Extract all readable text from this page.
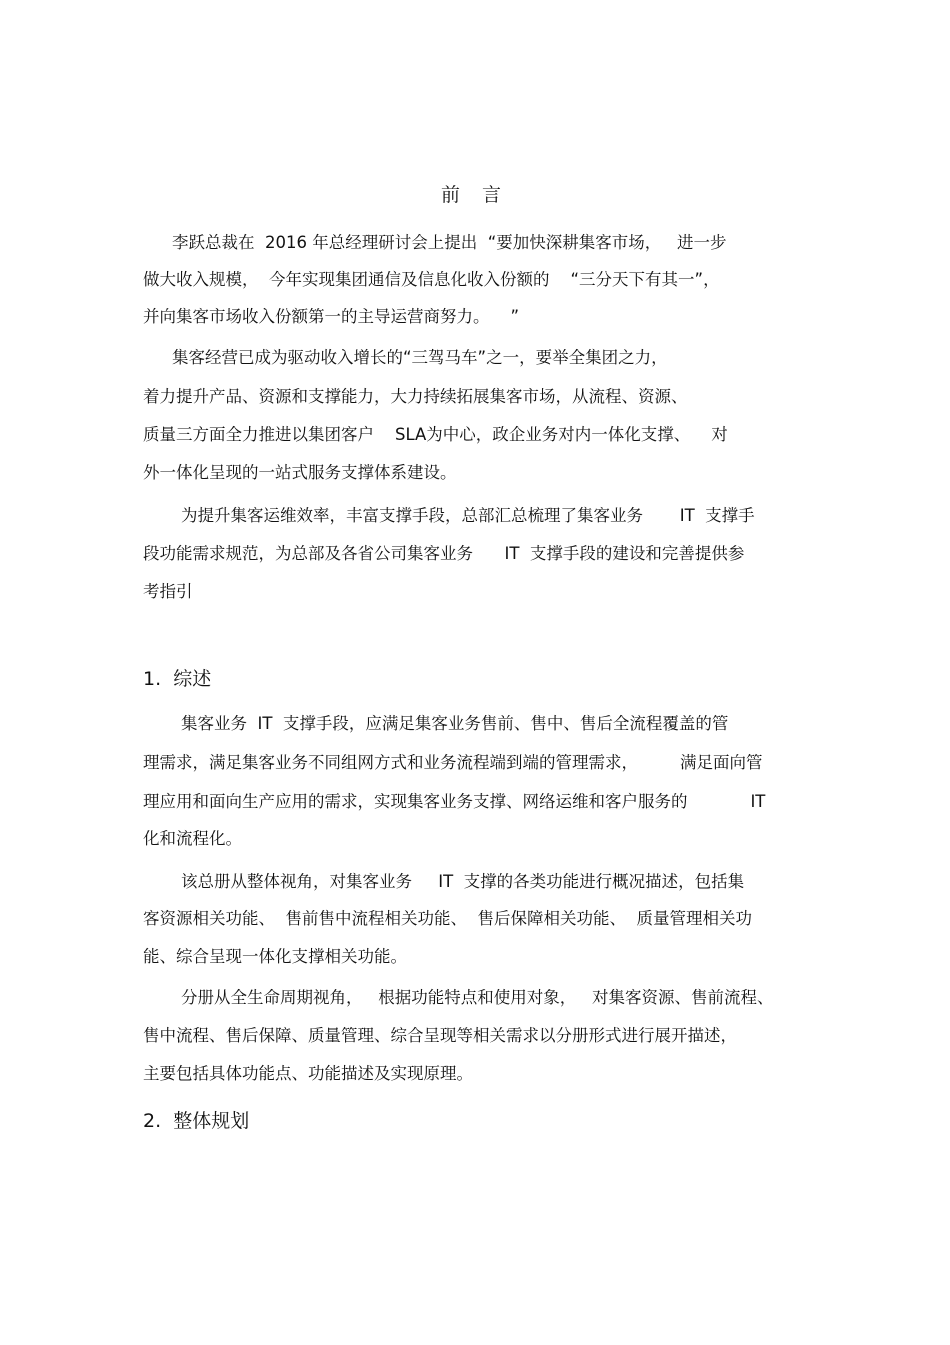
前 言
李跃总裁在  2016 年总经理研讨会上提出  “要加快深耕集客市场，   进一步
做大收入规模，  今年实现集团通信及信息化收入份额的    “三分天下有其一”，
并向集客市场收入份额第一的主导运营商努力。    ”
集客经营已成为驱动收入增长的“三驾马车”之一，要举全集团之力，
着力提升产品、资源和支撑能力，大力持续拓展集客市场，从流程、资源、
质量三方面全力推进以集团客户    SLA为中心，政企业务对内一体化支撑、    对
外一体化呈现的一站式服务支撑体系建设。
为提升集客运维效率，丰富支撑手段，总部汇总梳理了集客业务       IT  支撑手
段功能需求规范，为总部及各省公司集客业务      IT  支撑手段的建设和完善提供参
考指引
1.  综述
集客业务  IT  支撑手段，应满足集客业务售前、售中、售后全流程覆盖的管
理需求，满足集客业务不同组网方式和业务流程端到端的管理需求，        满足面向管
理应用和面向生产应用的需求，实现集客业务支撑、网络运维和客户服务的            IT
化和流程化。
该总册从整体视角，对集客业务     IT  支撑的各类功能进行概况描述，包括集
客资源相关功能、  售前售中流程相关功能、  售后保障相关功能、  质量管理相关功
能、综合呈现一体化支撑相关功能。
分册从全生命周期视角，   根据功能特点和使用对象，   对集客资源、售前流程、
售中流程、售后保障、质量管理、综合呈现等相关需求以分册形式进行展开描述，
主要包括具体功能点、功能描述及实现原理。
2.  整体规划
